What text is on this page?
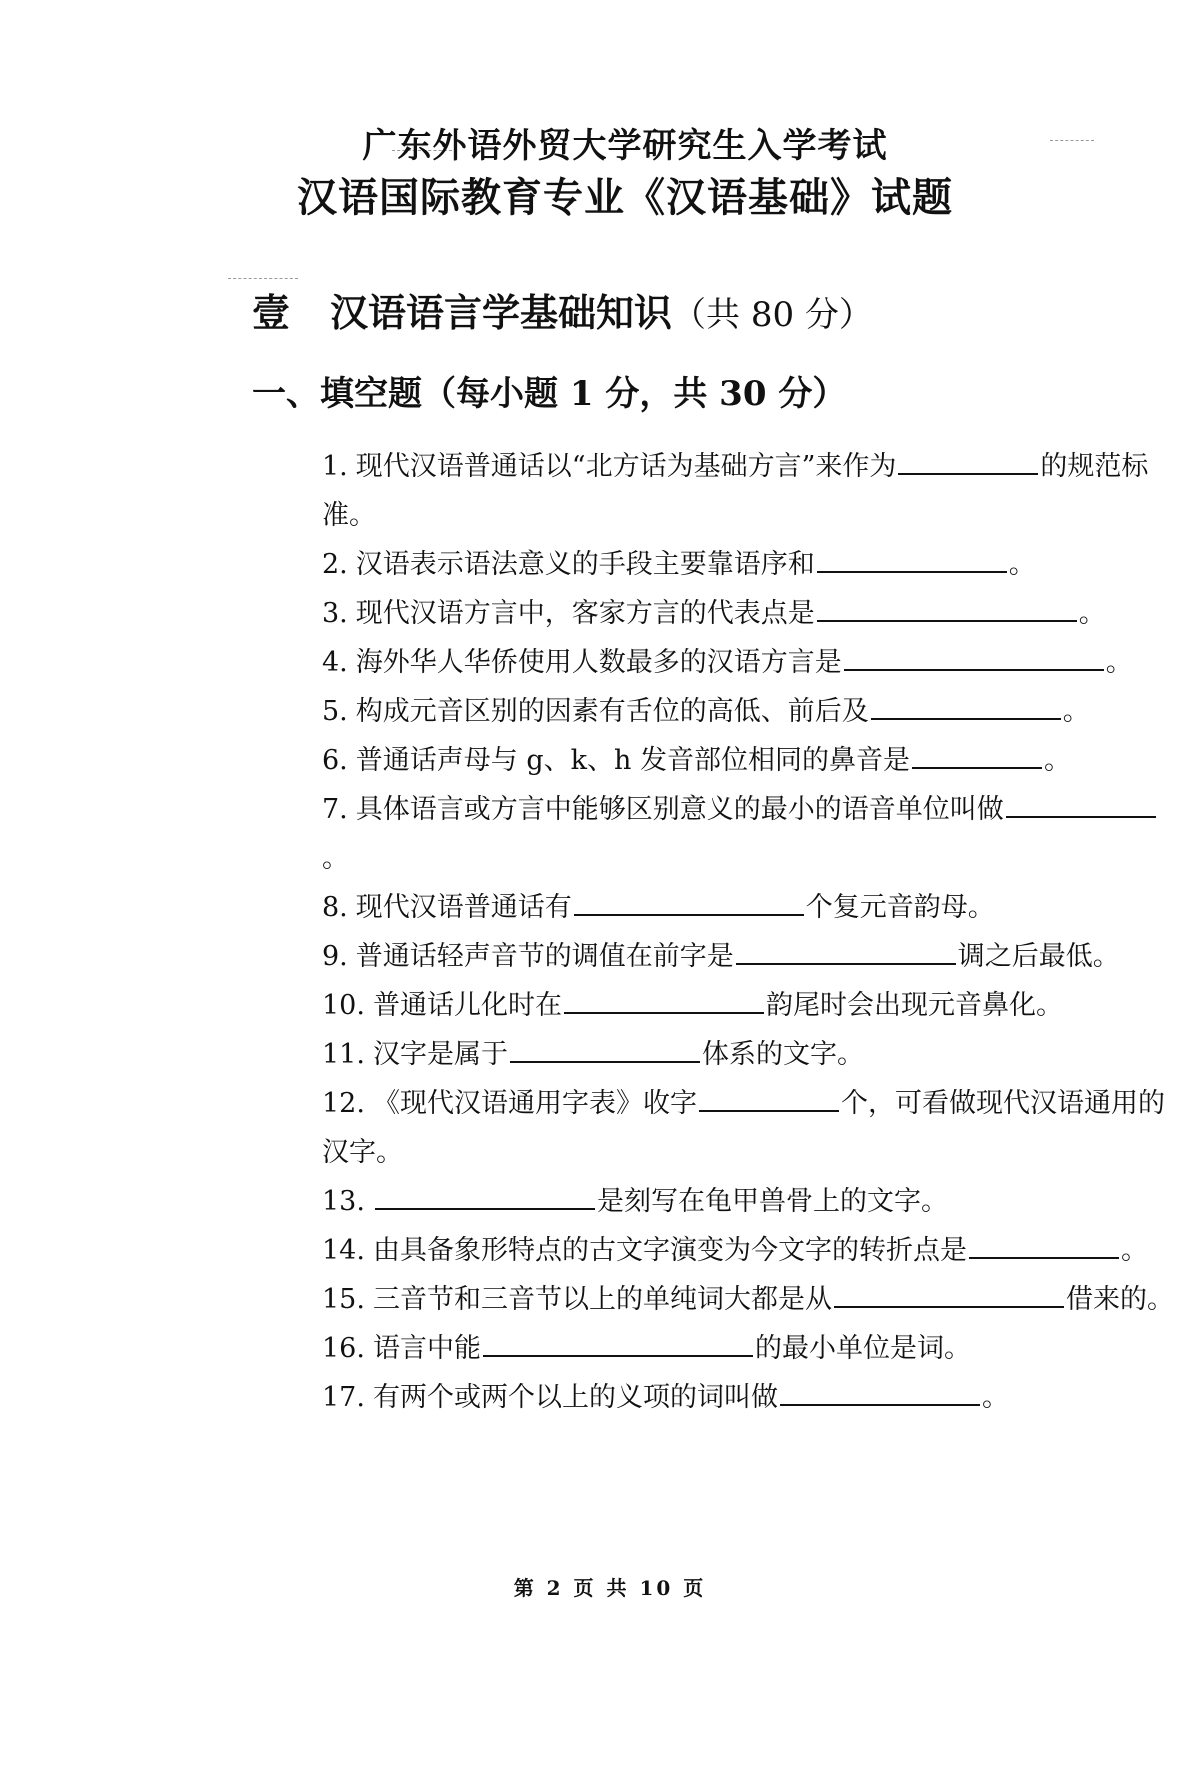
广东外语外贸大学研究生入学考试
汉语国际教育专业《汉语基础》试题
壹 汉语语言学基础知识（共 80 分）
一、填空题（每小题 1 分，共 30 分）
1. 现代汉语普通话以“北方话为基础方言”来作为	的规范标准。
2. 汉语表示语法意义的手段主要靠语序和	。
3. 现代汉语方言中，客家方言的代表点是	。
4. 海外华人华侨使用人数最多的汉语方言是	。
5. 构成元音区别的因素有舌位的高低、前后及	。
6. 普通话声母与 g、k、h 发音部位相同的鼻音是	。
7. 具体语言或方言中能够区别意义的最小的语音单位叫做。
8. 现代汉语普通话有	个复元音韵母。
9. 普通话轻声音节的调值在前字是	调之后最低。
10. 普通话儿化时在	韵尾时会出现元音鼻化。
11. 汉字是属于	体系的文字。
12. 《现代汉语通用字表》收字	个，可看做现代汉语通用的汉字。
13.	是刻写在龟甲兽骨上的文字。
14. 由具备象形特点的古文字演变为今文字的转折点是	。
15. 三音节和三音节以上的单纯词大都是从	借来的。
16. 语言中能	的最小单位是词。
17. 有两个或两个以上的义项的词叫做	。
第 2 页 共 10 页
